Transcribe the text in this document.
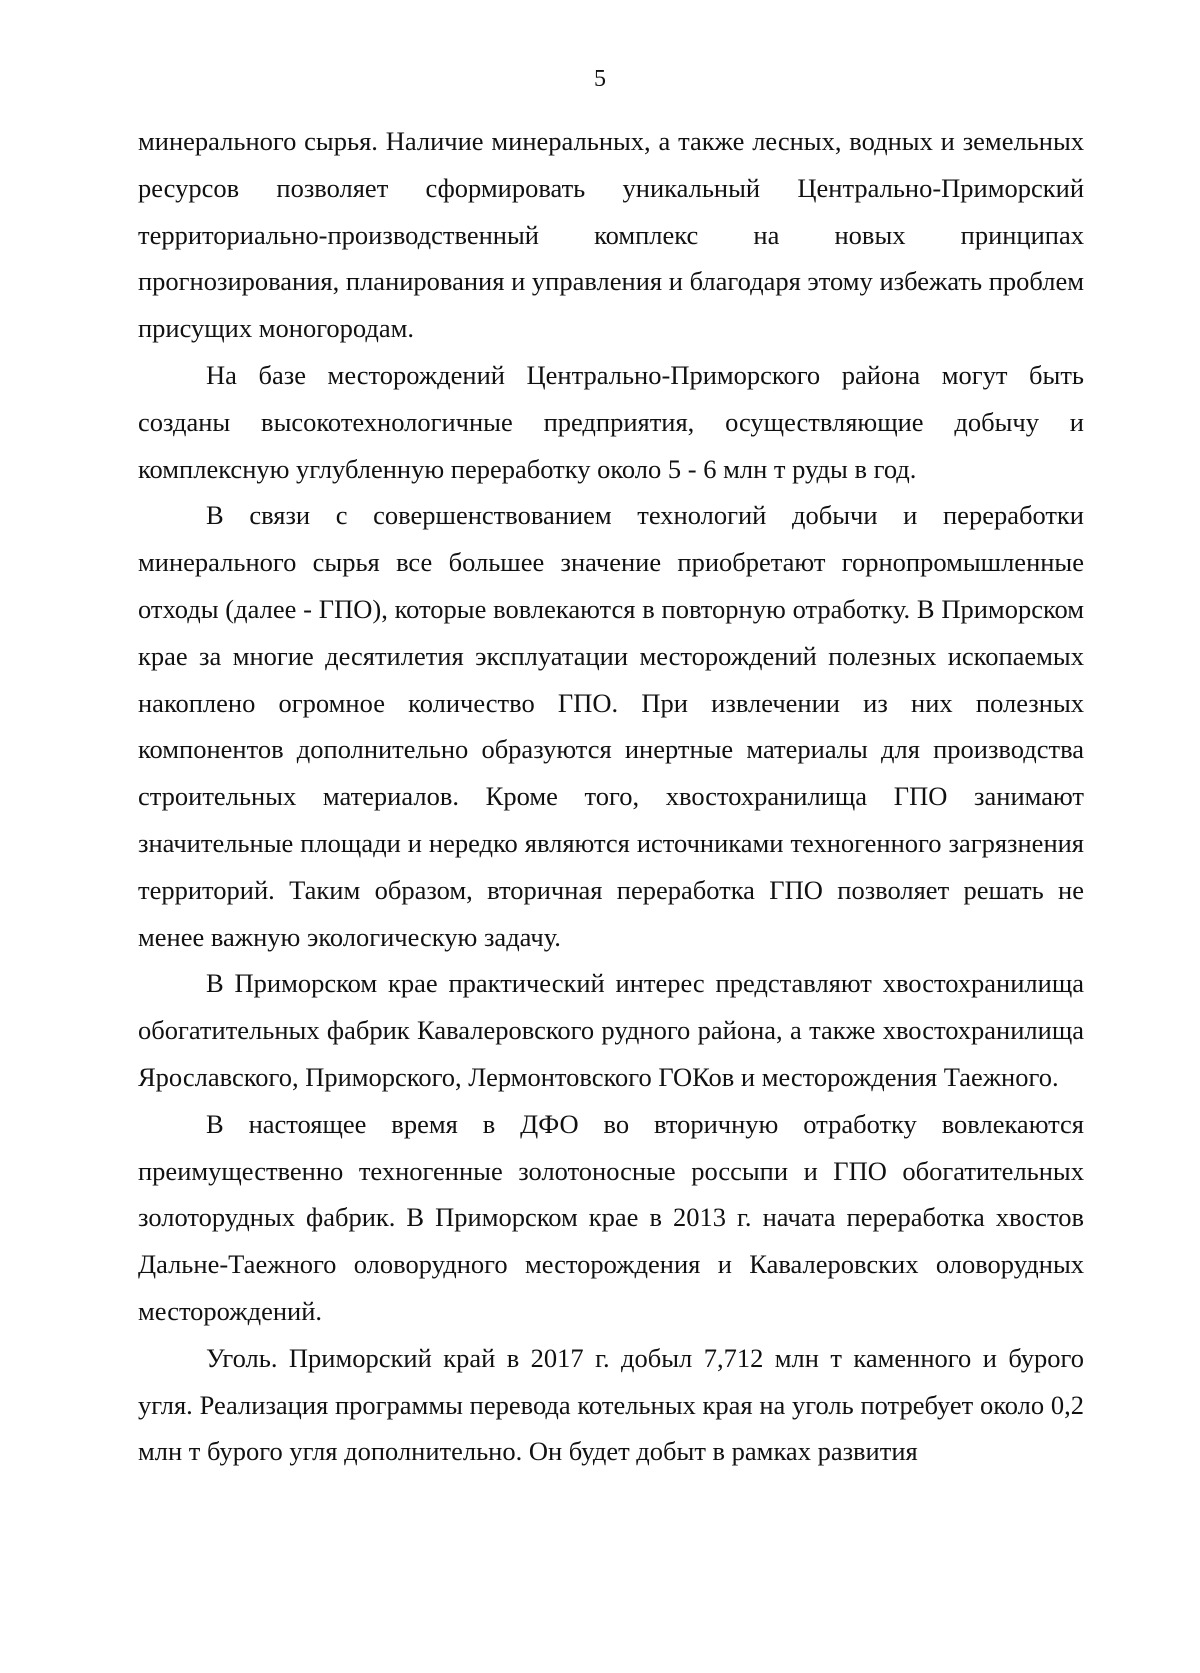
5

минерального сырья. Наличие минеральных, а также лесных, водных и земельных ресурсов позволяет сформировать уникальный Центрально-Приморский территориально-производственный комплекс на новых принципах прогнозирования, планирования и управления и благодаря этому избежать проблем присущих моногородам.

На базе месторождений Центрально-Приморского района могут быть созданы высокотехнологичные предприятия, осуществляющие добычу и комплексную углубленную переработку около 5 - 6 млн т руды в год.

В связи с совершенствованием технологий добычи и переработки минерального сырья все большее значение приобретают горнопромышленные отходы (далее - ГПО), которые вовлекаются в повторную отработку. В Приморском крае за многие десятилетия эксплуатации месторождений полезных ископаемых накоплено огромное количество ГПО. При извлечении из них полезных компонентов дополнительно образуются инертные материалы для производства строительных материалов. Кроме того, хвостохранилища ГПО занимают значительные площади и нередко являются источниками техногенного загрязнения территорий. Таким образом, вторичная переработка ГПО позволяет решать не менее важную экологическую задачу.

В Приморском крае практический интерес представляют хвостохранилища обогатительных фабрик Кавалеровского рудного района, а также хвостохранилища Ярославского, Приморского, Лермонтовского ГОКов и месторождения Таежного.

В настоящее время в ДФО во вторичную отработку вовлекаются преимущественно техногенные золотоносные россыпи и ГПО обогатительных золоторудных фабрик. В Приморском крае в 2013 г. начата переработка хвостов Дальне-Таежного оловорудного месторождения и Кавалеровских оловорудных месторождений.

Уголь. Приморский край в 2017 г. добыл 7,712 млн т каменного и бурого угля. Реализация программы перевода котельных края на уголь потребует около 0,2 млн т бурого угля дополнительно. Он будет добыт в рамках развития
